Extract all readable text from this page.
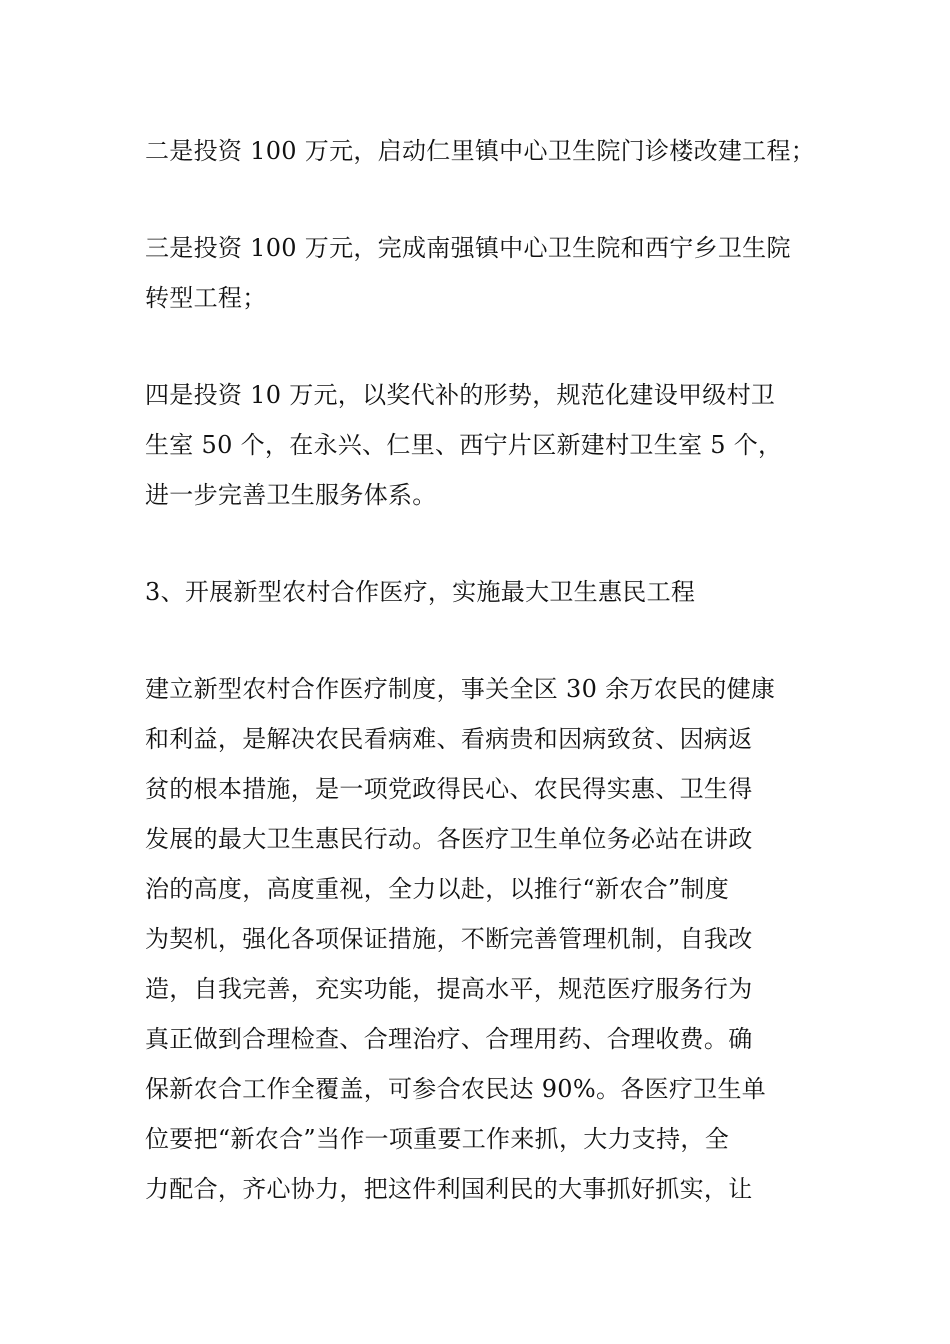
二是投资 100 万元，启动仁里镇中心卫生院门诊楼改建工程；

三是投资 100 万元，完成南强镇中心卫生院和西宁乡卫生院
转型工程；

四是投资 10 万元，以奖代补的形势，规范化建设甲级村卫
生室 50 个，在永兴、仁里、西宁片区新建村卫生室 5 个，
进一步完善卫生服务体系。

3、开展新型农村合作医疗，实施最大卫生惠民工程

建立新型农村合作医疗制度，事关全区 30 余万农民的健康
和利益，是解决农民看病难、看病贵和因病致贫、因病返
贫的根本措施，是一项党政得民心、农民得实惠、卫生得
发展的最大卫生惠民行动。各医疗卫生单位务必站在讲政
治的高度，高度重视，全力以赴，以推行“新农合”制度
为契机，强化各项保证措施，不断完善管理机制，自我改
造，自我完善，充实功能，提高水平，规范医疗服务行为
真正做到合理检查、合理治疗、合理用药、合理收费。确
保新农合工作全覆盖，可参合农民达 90%。各医疗卫生单
位要把“新农合”当作一项重要工作来抓，大力支持，全
力配合，齐心协力，把这件利国利民的大事抓好抓实，让
